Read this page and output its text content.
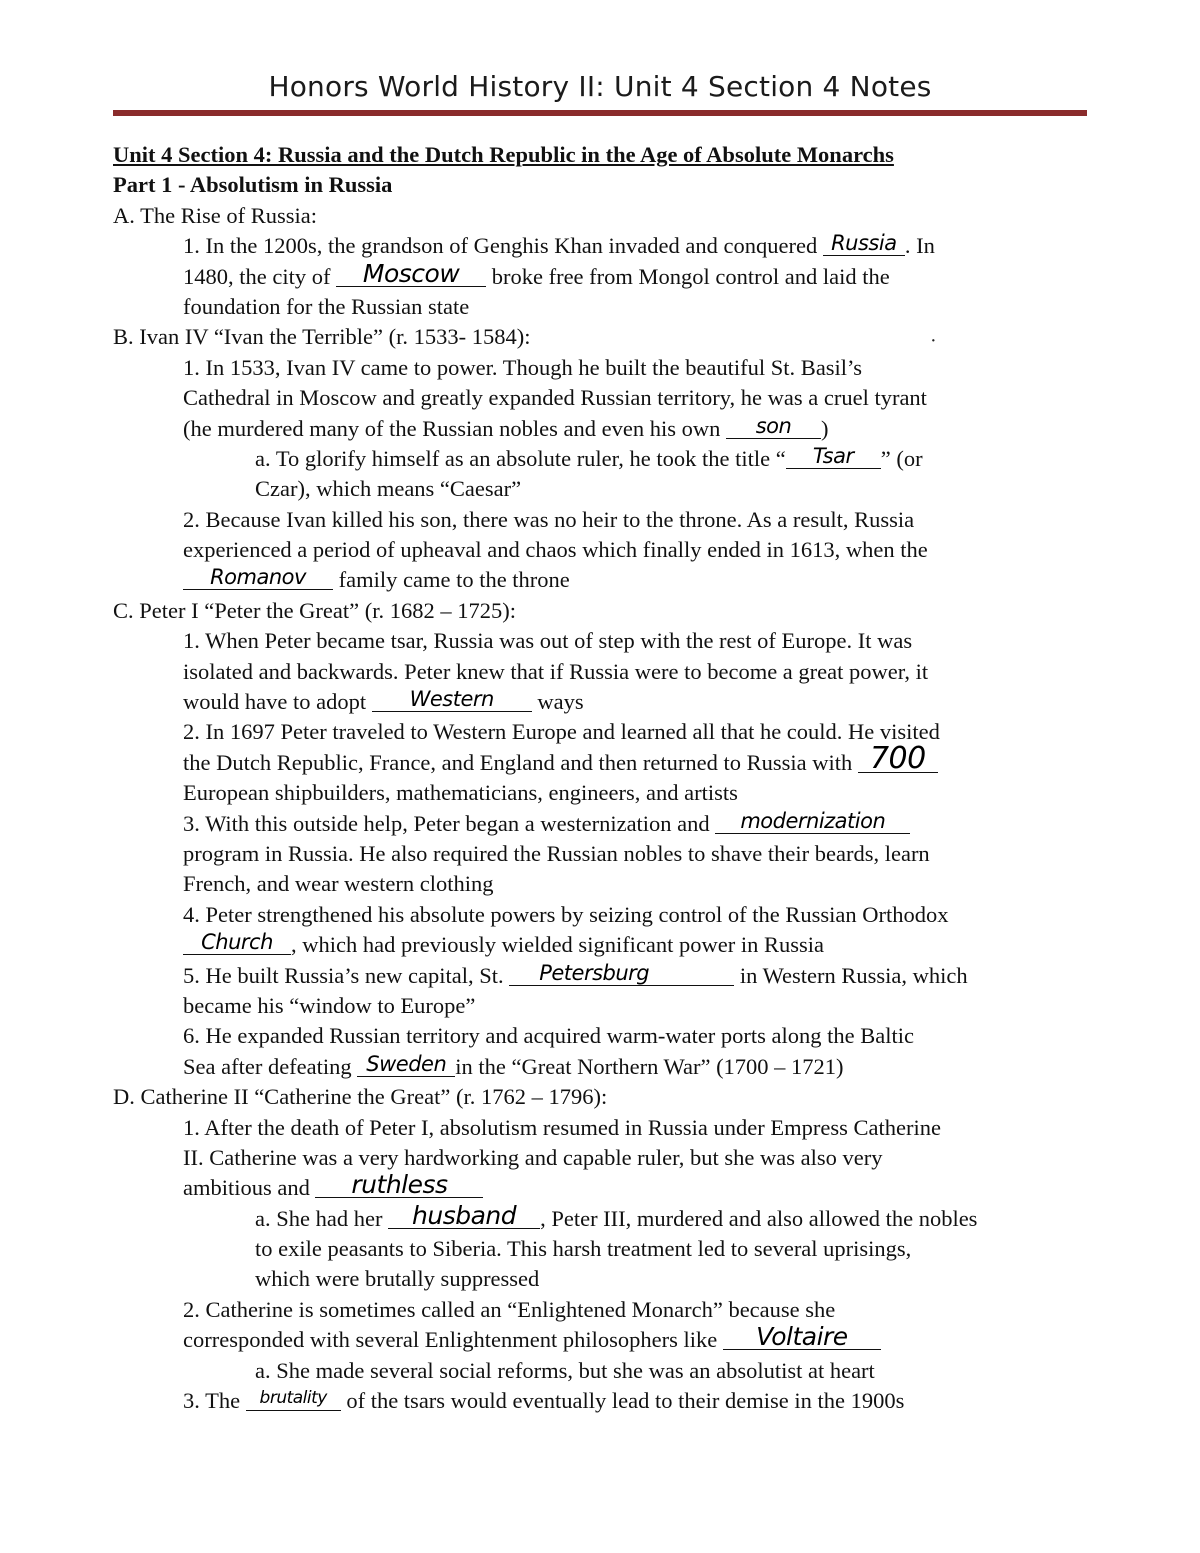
Honors World History II: Unit 4 Section 4 Notes
·
Unit 4 Section 4: Russia and the Dutch Republic in the Age of Absolute Monarchs
Part 1 - Absolutism in Russia
A. The Rise of Russia:
1. In the 1200s, the grandson of Genghis Khan invaded and conquered Russia . In
1480, the city of	Moscow	broke free from Mongol control and laid the
foundation for the Russian state
B. Ivan IV “Ivan the Terrible” (r. 1533- 1584):
1. In 1533, Ivan IV came to power. Though he built the beautiful St. Basil’s
Cathedral in Moscow and greatly expanded Russian territory, he was a cruel tyrant
(he murdered many of the Russian nobles and even his own	son	)
a. To glorify himself as an absolute ruler, he took the title “	Tsar	” (or
Czar), which means “Caesar”
2. Because Ivan killed his son, there was no heir to the throne. As a result, Russia
experienced a period of upheaval and chaos which finally ended in 1613, when the
Romanov	family came to the throne
C. Peter I “Peter the Great” (r. 1682 – 1725):
1. When Peter became tsar, Russia was out of step with the rest of Europe. It was
isolated and backwards. Peter knew that if Russia were to become a great power, it
would have to adopt	Western	ways
2. In 1697 Peter traveled to Western Europe and learned all that he could. He visited
the Dutch Republic, France, and England and then returned to Russia with 700
European shipbuilders, mathematicians, engineers, and artists
3. With this outside help, Peter began a westernization and	modernization
program in Russia. He also required the Russian nobles to shave their beards, learn
French, and wear western clothing
4. Peter strengthened his absolute powers by seizing control of the Russian Orthodox
Church , which had previously wielded significant power in Russia
5. He built Russia’s new capital, St.	Petersburg	in Western Russia, which
became his “window to Europe”
6. He expanded Russian territory and acquired warm-water ports along the Baltic
Sea after defeating Sweden in the “Great Northern War” (1700 – 1721)
D. Catherine II “Catherine the Great” (r. 1762 – 1796):
1. After the death of Peter I, absolutism resumed in Russia under Empress Catherine
II. Catherine was a very hardworking and capable ruler, but she was also very
ambitious and	ruthless
a. She had her husband	, Peter III, murdered and also allowed the nobles
to exile peasants to Siberia. This harsh treatment led to several uprisings,
which were brutally suppressed
2. Catherine is sometimes called an “Enlightened Monarch” because she
corresponded with several Enlightenment philosophers like	Voltaire
a. She made several social reforms, but she was an absolutist at heart
3. The brutality of the tsars would eventually lead to their demise in the 1900s
